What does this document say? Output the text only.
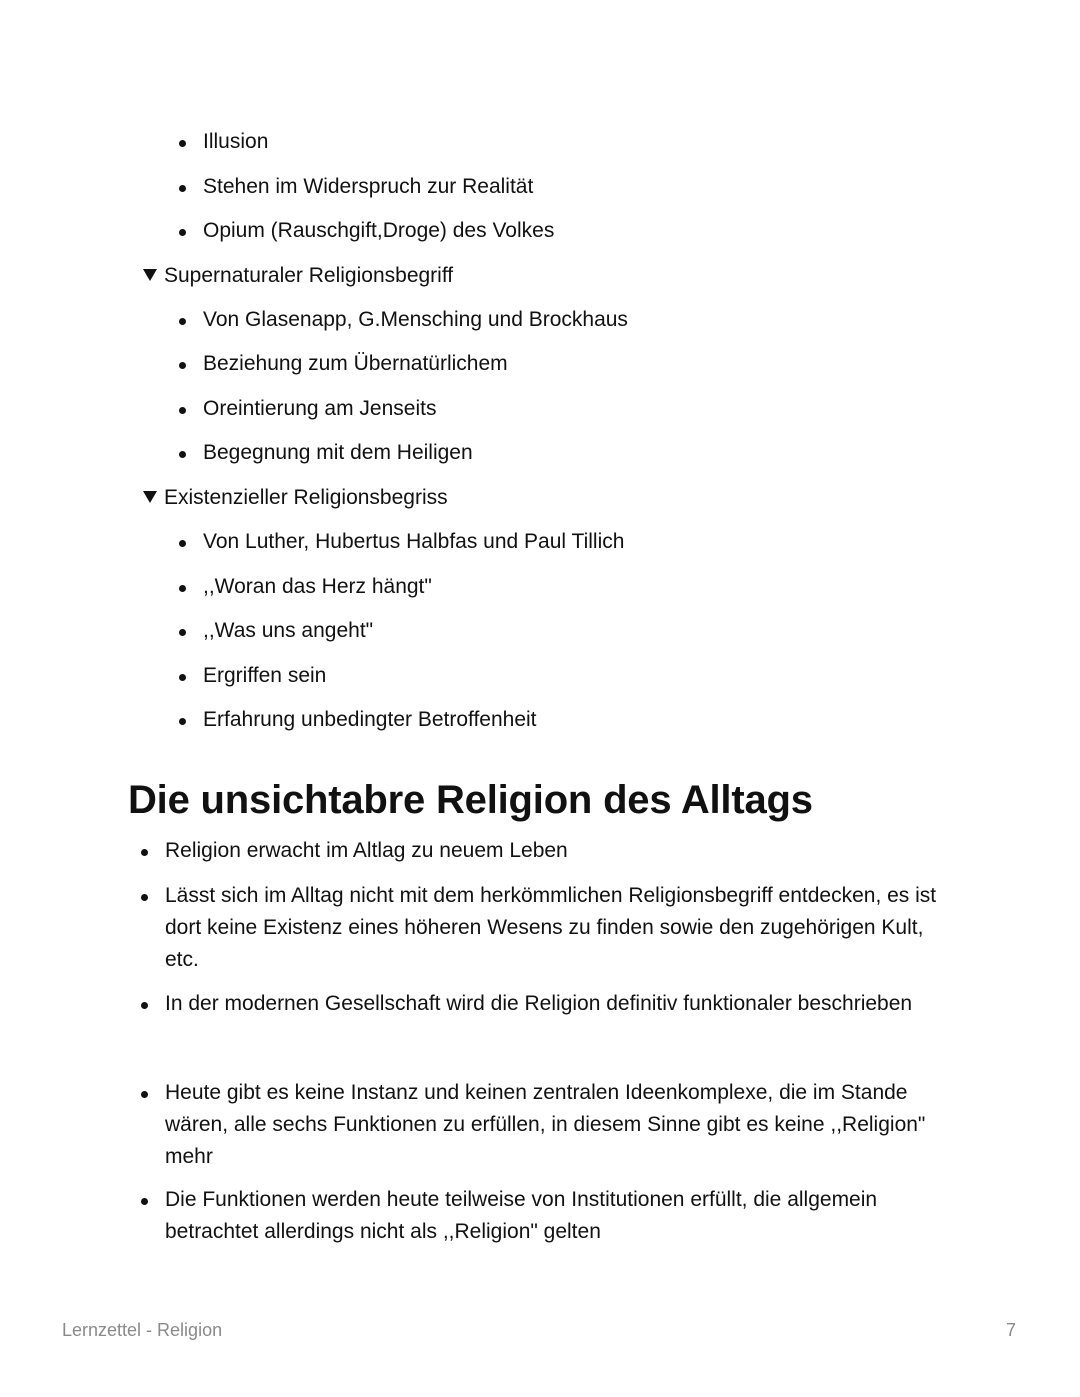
Illusion
Stehen im Widerspruch zur Realität
Opium (Rauschgift,Droge) des Volkes
Supernaturaler Religionsbegriff
Von Glasenapp, G.Mensching und Brockhaus
Beziehung zum Übernatürlichem
Oreintierung am Jenseits
Begegnung mit dem Heiligen
Existenzieller Religionsbegriss
Von Luther, Hubertus Halbfas und Paul Tillich
,,Woran das Herz hängt"
,,Was uns angeht"
Ergriffen sein
Erfahrung unbedingter Betroffenheit
Die unsichtabre Religion des Alltags
Religion erwacht im Altlag zu neuem Leben
Lässt sich im Alltag nicht mit dem herkömmlichen Religionsbegriff entdecken, es ist dort keine Existenz eines höheren Wesens zu finden sowie den zugehörigen Kult, etc.
In der modernen Gesellschaft wird die Religion definitiv funktionaler beschrieben
Heute gibt es keine Instanz und keinen zentralen Ideenkomplexe, die im Stande wären, alle sechs Funktionen zu erfüllen, in diesem Sinne gibt es keine ,,Religion" mehr
Die Funktionen werden heute teilweise von Institutionen erfüllt, die allgemein betrachtet allerdings nicht als ,,Religion" gelten
Lernzettel - Religion	7
